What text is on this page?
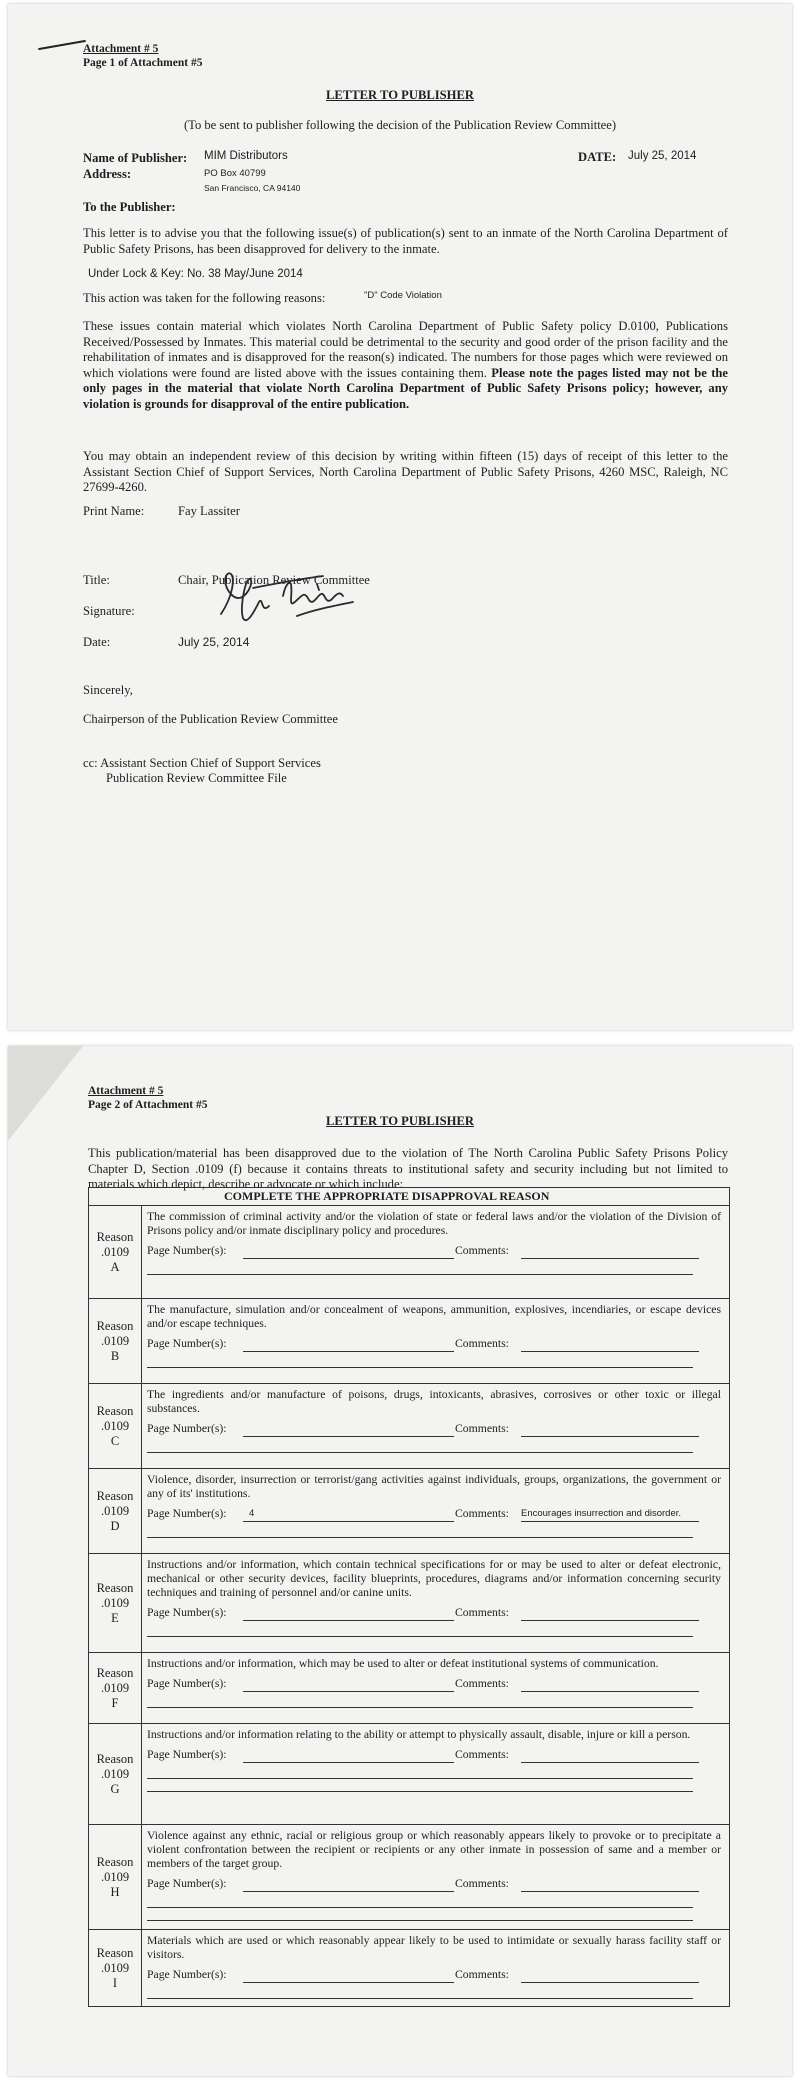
Attachment # 5
Page 1 of Attachment #5
LETTER TO PUBLISHER
(To be sent to publisher following the decision of the Publication Review Committee)
Name of Publisher: MIM Distributors
Address:	PO Box 40799
San Francisco, CA 94140
DATE: July 25, 2014
To the Publisher:
This letter is to advise you that the following issue(s) of publication(s) sent to an inmate of the North Carolina Department of Public Safety Prisons, has been disapproved for delivery to the inmate.
Under Lock & Key: No. 38 May/June 2014
This action was taken for the following reasons:	"D" Code Violation
These issues contain material which violates North Carolina Department of Public Safety policy D.0100, Publications Received/Possessed by Inmates. This material could be detrimental to the security and good order of the prison facility and the rehabilitation of inmates and is disapproved for the reason(s) indicated. The numbers for those pages which were reviewed on which violations were found are listed above with the issues containing them. Please note the pages listed may not be the only pages in the material that violate North Carolina Department of Public Safety Prisons policy; however, any violation is grounds for disapproval of the entire publication.
You may obtain an independent review of this decision by writing within fifteen (15) days of receipt of this letter to the Assistant Section Chief of Support Services, North Carolina Department of Public Safety Prisons, 4260 MSC, Raleigh, NC 27699-4260.
Print Name:	Fay Lassiter
Title:	Chair, Publication Review Committee
Signature:
Date:	July 25, 2014
Sincerely,
Chairperson of the Publication Review Committee
cc: Assistant Section Chief of Support Services
Publication Review Committee File
Attachment # 5
Page 2 of Attachment #5
LETTER TO PUBLISHER
This publication/material has been disapproved due to the violation of The North Carolina Public Safety Prisons Policy Chapter D, Section .0109 (f) because it contains threats to institutional safety and security including but not limited to materials which depict, describe or advocate or which include:
COMPLETE THE APPROPRIATE DISAPPROVAL REASON
Reason
.0109
A
The commission of criminal activity and/or the violation of state or federal laws and/or the violation of the Division of Prisons policy and/or inmate disciplinary policy and procedures.
Page Number(s):	Comments:
Reason
.0109
B
The manufacture, simulation and/or concealment of weapons, ammunition, explosives, incendiaries, or escape devices and/or escape techniques.
Page Number(s):	Comments:
Reason
.0109
C
The ingredients and/or manufacture of poisons, drugs, intoxicants, abrasives, corrosives or other toxic or illegal substances.
Page Number(s):	Comments:
Reason
.0109
D
Violence, disorder, insurrection or terrorist/gang activities against individuals, groups, organizations, the government or any of its' institutions.
Page Number(s):	4	Comments: Encourages insurrection and disorder.
Reason
.0109
E
Instructions and/or information, which contain technical specifications for or may be used to alter or defeat electronic, mechanical or other security devices, facility blueprints, procedures, diagrams and/or information concerning security techniques and training of personnel and/or canine units.
Page Number(s):	Comments:
Reason
.0109
F
Instructions and/or information, which may be used to alter or defeat institutional systems of communication.
Page Number(s):	Comments:
Reason
.0109
G
Instructions and/or information relating to the ability or attempt to physically assault, disable, injure or kill a person.
Page Number(s):	Comments:
Reason
.0109
H
Violence against any ethnic, racial or religious group or which reasonably appears likely to provoke or to precipitate a violent confrontation between the recipient or recipients or any other inmate in possession of same and a member or members of the target group.
Page Number(s):	Comments:
Reason
.0109
I
Materials which are used or which reasonably appear likely to be used to intimidate or sexually harass facility staff or visitors.
Page Number(s):	Comments:
